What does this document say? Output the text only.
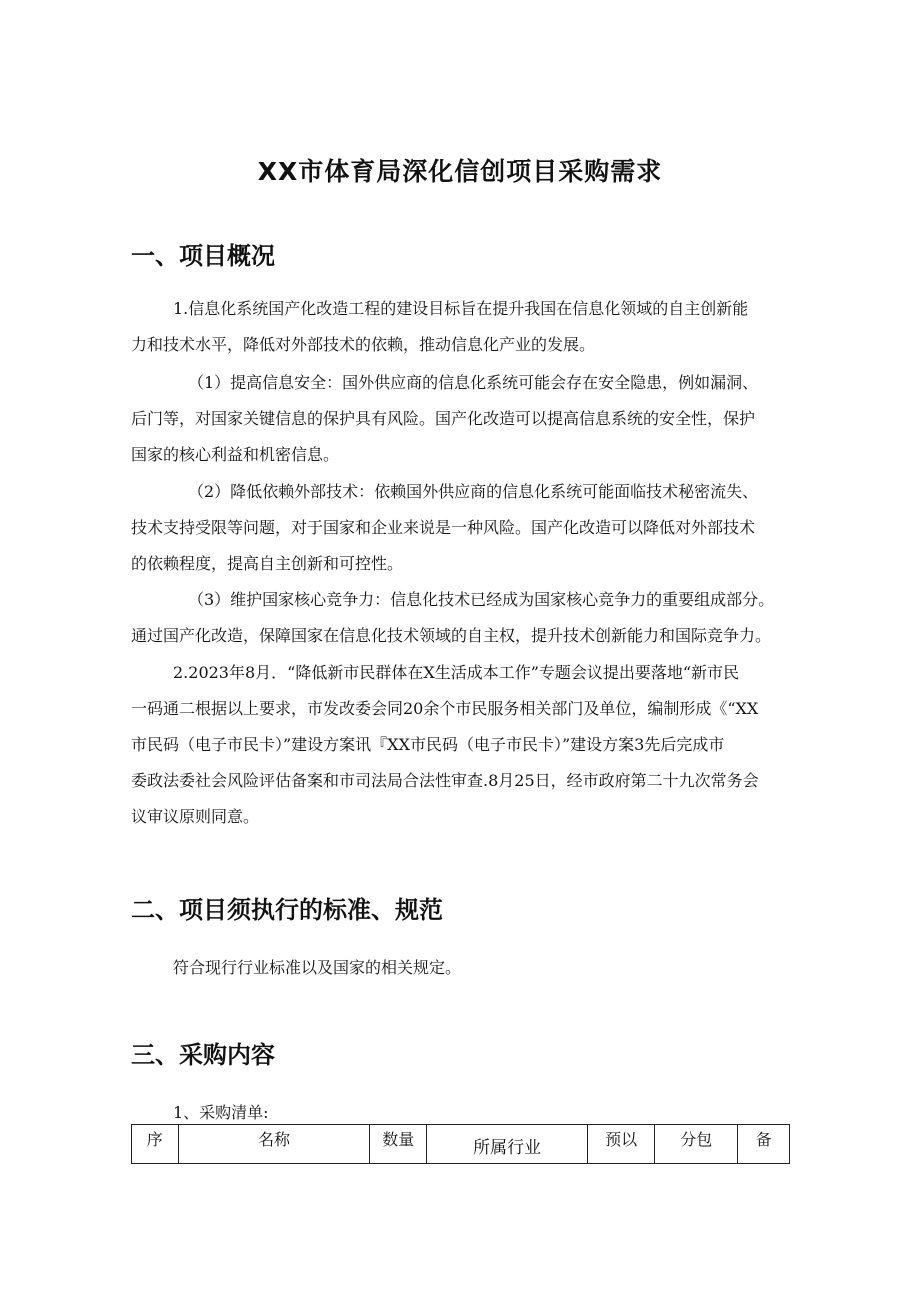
XX市体育局深化信创项目采购需求
一、项目概况
1.信息化系统国产化改造工程的建设目标旨在提升我国在信息化领域的自主创新能
力和技术水平，降低对外部技术的依赖，推动信息化产业的发展。
（1）提高信息安全：国外供应商的信息化系统可能会存在安全隐患，例如漏洞、
后门等，对国家关键信息的保护具有风险。国产化改造可以提高信息系统的安全性，保护
国家的核心利益和机密信息。
（2）降低依赖外部技术：依赖国外供应商的信息化系统可能面临技术秘密流失、
技术支持受限等问题，对于国家和企业来说是一种风险。国产化改造可以降低对外部技术
的依赖程度，提高自主创新和可控性。
（3）维护国家核心竞争力：信息化技术已经成为国家核心竞争力的重要组成部分。
通过国产化改造，保障国家在信息化技术领域的自主权，提升技术创新能力和国际竞争力。
2.2023年8月．“降低新市民群体在X生活成本工作”专题会议提出要落地“新市民
一码通二根据以上要求，市发改委会同20余个市民服务相关部门及单位，编制形成《“XX
市民码（电子市民卡）”建设方案讯『XX市民码（电子市民卡）”建设方案3先后完成市
委政法委社会风险评估备案和市司法局合法性审查.8月25日，经市政府第二十九次常务会
议审议原则同意。
二、项目须执行的标准、规范

符合现行行业标准以及国家的相关规定。

三、采购内容

1、采购清单:

序	名称	数量	所属行业	预以	分包	备
